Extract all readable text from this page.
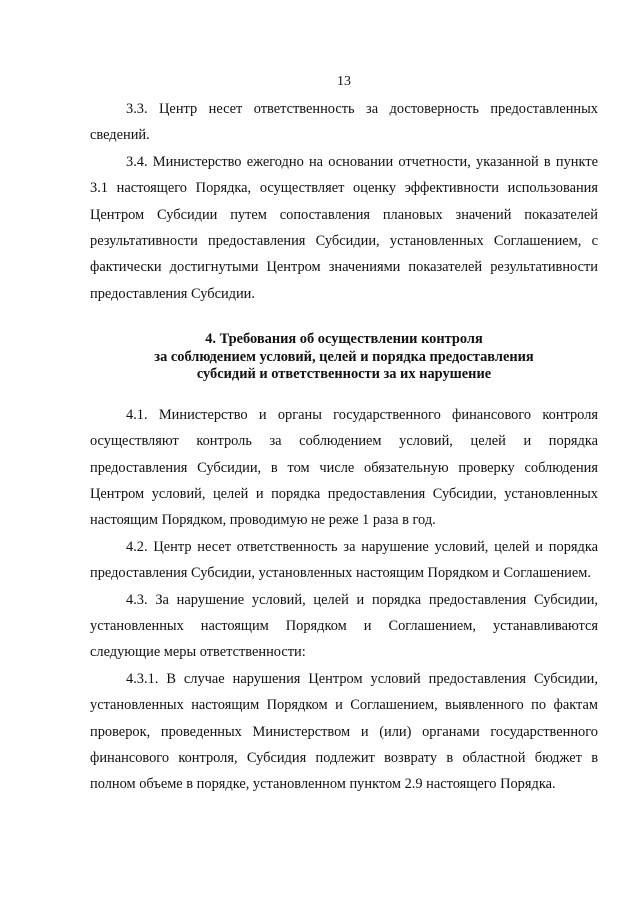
13

3.3. Центр несет ответственность за достоверность предоставленных сведений.

3.4. Министерство ежегодно на основании отчетности, указанной в пункте 3.1 настоящего Порядка, осуществляет оценку эффективности использования Центром Субсидии путем сопоставления плановых значений показателей результативности предоставления Субсидии, установленных Соглашением, с фактически достигнутыми Центром значениями показателей результативности предоставления Субсидии.

4. Требования об осуществлении контроля
за соблюдением условий, целей и порядка предоставления
субсидий и ответственности за их нарушение

4.1. Министерство и органы государственного финансового контроля осуществляют контроль за соблюдением условий, целей и порядка предоставления Субсидии, в том числе обязательную проверку соблюдения Центром условий, целей и порядка предоставления Субсидии, установленных настоящим Порядком, проводимую не реже 1 раза в год.

4.2. Центр несет ответственность за нарушение условий, целей и порядка предоставления Субсидии, установленных настоящим Порядком и Соглашением.

4.3. За нарушение условий, целей и порядка предоставления Субсидии, установленных настоящим Порядком и Соглашением, устанавливаются следующие меры ответственности:

4.3.1. В случае нарушения Центром условий предоставления Субсидии, установленных настоящим Порядком и Соглашением, выявленного по фактам проверок, проведенных Министерством и (или) органами государственного финансового контроля, Субсидия подлежит возврату в областной бюджет в полном объеме в порядке, установленном пунктом 2.9 настоящего Порядка.
